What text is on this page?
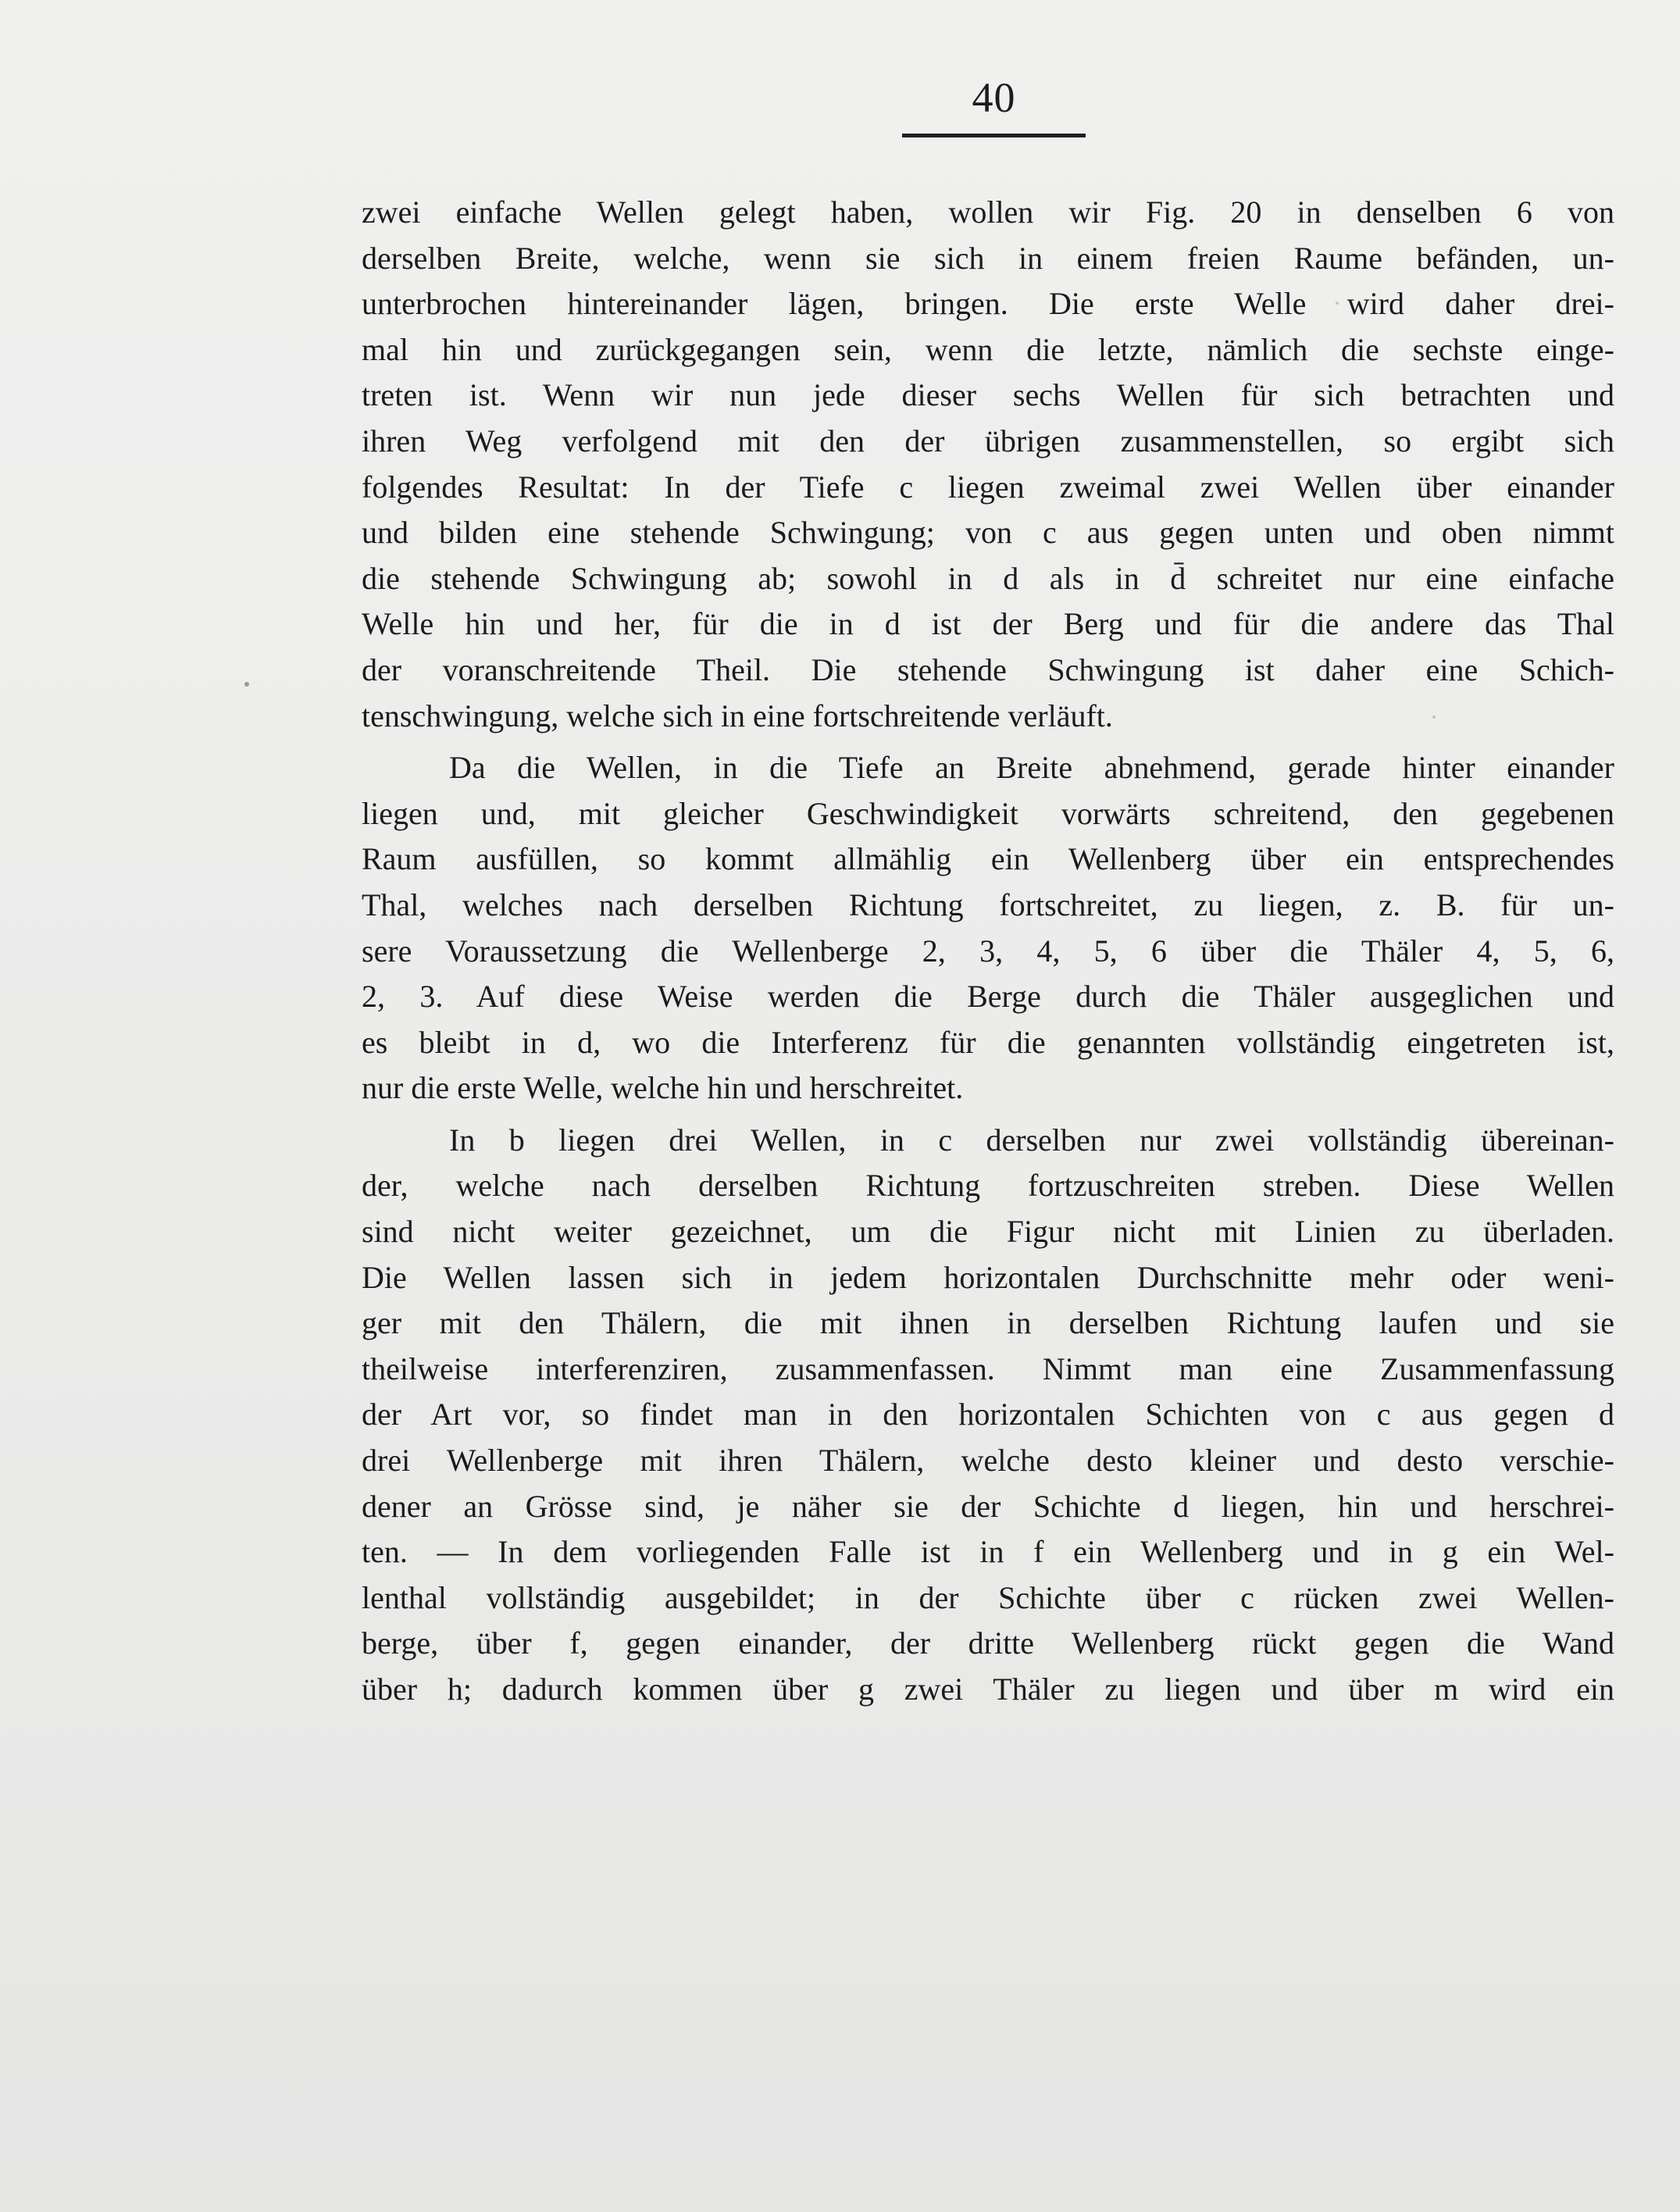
40
zwei einfache Wellen gelegt haben, wollen wir Fig. 20 in denselben 6 von
derselben Breite, welche, wenn sie sich in einem freien Raume befänden, un-
unterbrochen hintereinander lägen, bringen. Die erste Welle wird daher drei-
mal hin und zurückgegangen sein, wenn die letzte, nämlich die sechste einge-
treten ist. Wenn wir nun jede dieser sechs Wellen für sich betrachten und
ihren Weg verfolgend mit den der übrigen zusammenstellen, so ergibt sich
folgendes Resultat: In der Tiefe c liegen zweimal zwei Wellen über einander
und bilden eine stehende Schwingung; von c aus gegen unten und oben nimmt
die stehende Schwingung ab; sowohl in d als in d̄ schreitet nur eine einfache
Welle hin und her, für die in d ist der Berg und für die andere das Thal
der voranschreitende Theil. Die stehende Schwingung ist daher eine Schich-
tenschwingung, welche sich in eine fortschreitende verläuft.
Da die Wellen, in die Tiefe an Breite abnehmend, gerade hinter einander
liegen und, mit gleicher Geschwindigkeit vorwärts schreitend, den gegebenen
Raum ausfüllen, so kommt allmählig ein Wellenberg über ein entsprechendes
Thal, welches nach derselben Richtung fortschreitet, zu liegen, z. B. für un-
sere Voraussetzung die Wellenberge 2, 3, 4, 5, 6 über die Thäler 4, 5, 6,
2, 3. Auf diese Weise werden die Berge durch die Thäler ausgeglichen und
es bleibt in d, wo die Interferenz für die genannten vollständig eingetreten ist,
nur die erste Welle, welche hin und herschreitet.
In b liegen drei Wellen, in c derselben nur zwei vollständig übereinan-
der, welche nach derselben Richtung fortzuschreiten streben. Diese Wellen
sind nicht weiter gezeichnet, um die Figur nicht mit Linien zu überladen.
Die Wellen lassen sich in jedem horizontalen Durchschnitte mehr oder weni-
ger mit den Thälern, die mit ihnen in derselben Richtung laufen und sie
theilweise interferenziren, zusammenfassen. Nimmt man eine Zusammenfassung
der Art vor, so findet man in den horizontalen Schichten von c aus gegen d
drei Wellenberge mit ihren Thälern, welche desto kleiner und desto verschie-
dener an Grösse sind, je näher sie der Schichte d liegen, hin und herschrei-
ten. — In dem vorliegenden Falle ist in f ein Wellenberg und in g ein Wel-
lenthal vollständig ausgebildet; in der Schichte über c rücken zwei Wellen-
berge, über f, gegen einander, der dritte Wellenberg rückt gegen die Wand
über h; dadurch kommen über g zwei Thäler zu liegen und über m wird ein
